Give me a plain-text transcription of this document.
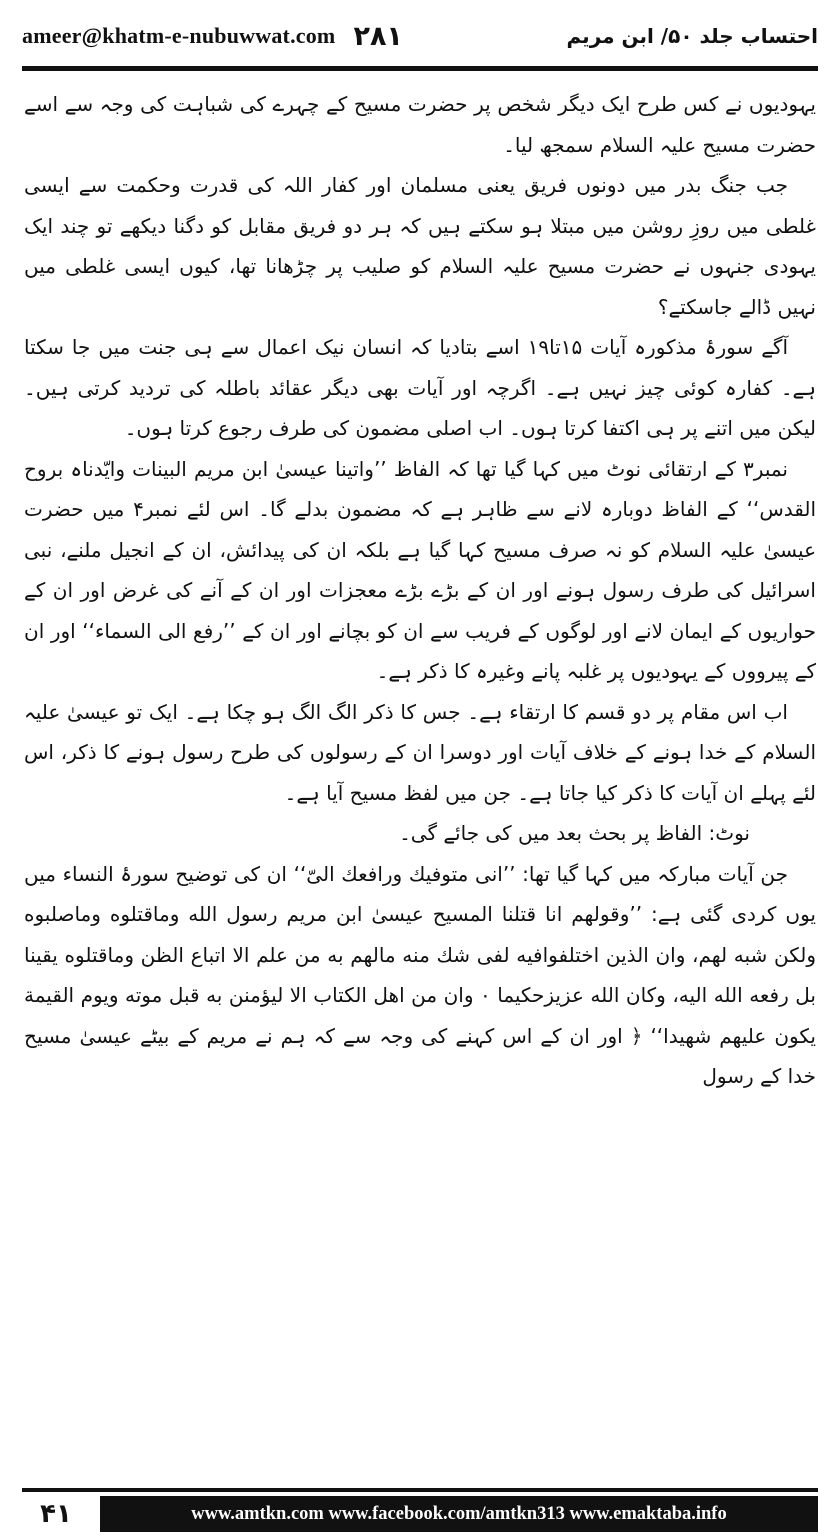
ameer@khatm-e-nubuwwat.com ۲۸۱	احتساب جلد ۵۰/ ابن مریم

یہودیوں نے کس طرح ایک دیگر شخص پر حضرت مسیح کے چہرے کی شباہت کی وجہ سے اسے حضرت مسیح علیہ السلام سمجھ لیا۔

جب جنگ بدر میں دونوں فریق یعنی مسلمان اور کفار اللہ کی قدرت وحکمت سے ایسی غلطی میں روزِ روشن میں مبتلا ہو سکتے ہیں کہ ہر دو فریق مقابل کو دگنا دیکھے تو چند ایک یہودی جنہوں نے حضرت مسیح علیہ السلام کو صلیب پر چڑھانا تھا، کیوں ایسی غلطی میں نہیں ڈالے جاسکتے؟

آگے سورۂ مذکورہ آیات ۱۵تا۱۹ اسے بتادیا کہ انسان نیک اعمال سے ہی جنت میں جا سکتا ہے۔ کفارہ کوئی چیز نہیں ہے۔ اگرچہ اور آیات بھی دیگر عقائد باطلہ کی تردید کرتی ہیں۔ لیکن میں اتنے پر ہی اکتفا کرتا ہوں۔ اب اصلی مضمون کی طرف رجوع کرتا ہوں۔

نمبر۳ کے ارتقائی نوٹ میں کہا گیا تھا کہ الفاظ ’’واتینا عیسیٰ ابن مریم البینات وایّدناہ بروح القدس‘‘ کے الفاظ دوبارہ لانے سے ظاہر ہے کہ مضمون بدلے گا۔ اس لئے نمبر۴ میں حضرت عیسیٰ علیہ السلام کو نہ صرف مسیح کہا گیا ہے بلکہ ان کی پیدائش، ان کے انجیل ملنے، نبی اسرائیل کی طرف رسول ہونے اور ان کے بڑے بڑے معجزات اور ان کے آنے کی غرض اور ان کے حواریوں کے ایمان لانے اور لوگوں کے فریب سے ان کو بچانے اور ان کے ’’رفع الی السماء‘‘ اور ان کے پیرووں کے یہودیوں پر غلبہ پانے وغیرہ کا ذکر ہے۔

اب اس مقام پر دو قسم کا ارتقاء ہے۔ جس کا ذکر الگ الگ ہو چکا ہے۔ ایک تو عیسیٰ علیہ السلام کے خدا ہونے کے خلاف آیات اور دوسرا ان کے رسولوں کی طرح رسول ہونے کا ذکر، اس لئے پہلے ان آیات کا ذکر کیا جاتا ہے۔ جن میں لفظ مسیح آیا ہے۔

نوٹ: الفاظ پر بحث بعد میں کی جائے گی۔

جن آیات مبارکہ میں کہا گیا تھا: ’’انی متوفیك ورافعك الیّ‘‘ ان کی توضیح سورۂ النساء میں یوں کردی گئی ہے: ’’وقولهم انا قتلنا المسیح عیسیٰ ابن مریم رسول الله وماقتلوه وماصلبوه ولكن شبه لهم، وان الذین اختلفوافیه لفی شك منه مالهم به من علم الا اتباع الظن وماقتلوه یقینا بل رفعه الله الیه، وكان الله عزیزحكیما ۰ وان من اهل الكتاب الا لیؤمنن به قبل موته ویوم القیمة یكون علیهم شهیدا‘‘ ﴿ اور ان کے اس کہنے کی وجہ سے کہ ہم نے مریم کے بیٹے عیسیٰ مسیح خدا کے رسول

۴۱	www.amtkn.com www.facebook.com/amtkn313 www.emaktaba.info
